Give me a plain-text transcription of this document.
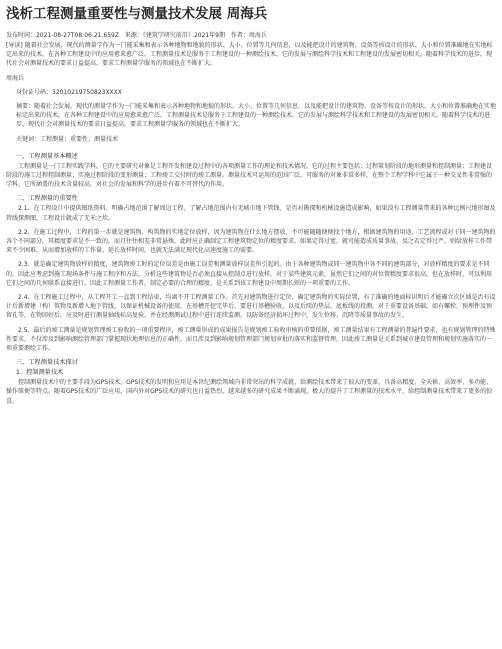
浅析工程测量重要性与测量技术发展 周海兵
发布时间：2021-08-27T08:06:21.659Z 来源：《建筑学研究前沿》2021年9期 作者：周海兵

[导读] 随着社会发展，现代的测量学作为一门能采集和表示各种地物和地貌的形状、大小、位置等几何信息，以及能把设计的建筑物、设备等按设计的形状、大小和位置准确地在实地标定出来的技术，在各种工程建设中的应用愈来愈广泛。工程测量技术是服务于工程建设的一种测绘技术，它的发展与测绘科学技术和工程建设的发展密切相关。随着科学技术的进步，现代社会对测量技术的要求日益提高，要求工程测量学服务的领域也在不断扩大。

周海兵

身份证号码：32010219750823XXXX

摘要：随着社会发展，现代的测量学作为一门能采集和表示各种地物和地貌的形状、大小、位置等几何信息，以及能把设计的建筑物、设备等按设计的形状、大小和位置准确地在实地标定出来的技术，在各种工程建设中的应用愈来愈广泛。工程测量技术是服务于工程建设的一种测绘技术，它的发展与测绘科学技术和工程建设的发展密切相关。随着科学技术的进步，现代社会对测量技术的要求日益提高，要求工程测量学服务的领域也在不断扩大。

关键词：工程测量；重要性；测量技术

一、工程测量基本概述

工程测量是一门工程实践学科，它的主要研究对象是工程开发和建设过程中的各项测量工作的理论和技术情况。它的过程主要包括：过程策划阶段的地形测量和控制测量；工程建设阶段的施工过程控制测量；实施过程阶段的变形测量；工程竣工交付时的竣工测量。测量技术可运用的范围广泛，可服务的对象非常多样，在整个工程学科中它属于一种交叉性非常强的学科，它所涵盖的技术含量较高，对社会的发展和科学的进步有着不可替代的作用。

二、工程测量的重要性

2.1、在工程设计中提供图纸资料、明确占地范围了解周边工程、了解占地范围内有无城市地下管线、是否对勘探和机械设施造成影响，如果没有工程测量带来的各种比例尺地形图及管线探测图，工程设计就成了无米之炊。

2.2、在施工过程中，工程的第一步就是建筑物、构筑物的实地定位放样，因为建筑物在什么地方摆放，不可能随随便便找个地方，根据建筑物的用途、工艺流程或对于同一建筑物的各个不同部分，其精度要求是不一致的，而且往往相差非常悬殊，此时应正确制定工程建筑物定位的精度要求，如果定得过宽，就可能造成质量事故，反之若定得过严，则给放样工作带来不少困难，从而增加放样的工作量，延长放样时间，也就无法满足现代化高速度施工的需要。

2.3、就是确定建筑物放样的精度，建筑物竣工时的定位误差是由施工误差和测量放样误差所引起的。由于各种建筑物或同一建筑物中各不同的建筑部分，对放样精度的要求是不同的，因此应考虑到施工现场条件与施工程序和方法，分析这些建筑物是否必须直接从控制点进行放样，对于某些建筑元素，虽然它们之间的对位置精度要求很高，但在放样时，可以利用它们之间的几何联系直接进行。因此工程测量工作者，制定必要的合理的精度，是关系到该工程建设中周期长短的一项重要的工作。

2.4、在工程施工过程中，从工程开工一直到工程结束，均离不开工程测量工作。首先对建筑物进行定位，确定建筑物的实际位置，有了准确的地面标识明后才能确立次区域是否有设计后新增建（构）筑物及新增入地下管线，以保证机械设备的使用，在基槽开挖完毕后，要进行基槽验收，以及后续的垫层、底板线的投测，对于重要设备基础，如有螺栓、预埋件及预留孔等，在物回好后，应及时进行测量轴线标高复验，并在经测测试过程中进行连续监测，以防备经济损坏过程中，发生位移、沉降等质量事故的发生。

2.5、最后的竣工测量是规划管理竣工验收的一项重要程序，竣工测量形成的成果报告是规划竣工验收审核的重要依据，竣工测量结果有工程测量的普遍性要求，也有规划管理的特殊性要求，不仅涉及到影响测绘管理部门掌握现状地理信息的正确性，而且涉及到影响规划管理部门规划审批的落实和监督管理，因此竣工测量是关系到城市建设管理和规划实施落实的一项重要测绘工作。

三、工程测量技术探讨

1、控制测量技术

控制测量技术中的主要手段为GPS技术，GPS技术的发明和应用是本世纪测绘领域内非常突出的科学成就，给测绘技术带来了很大的变革，具备高精度、全天候、高效率、多功能、操作简便等特点。随着GPS技术的广泛应用，国内外对GPS技术的研究也日益热烈，越来越多的研究成果不断涌现，极大的提升了工程测量的技术水平，给控制测量技术带来了更多的惊喜。
